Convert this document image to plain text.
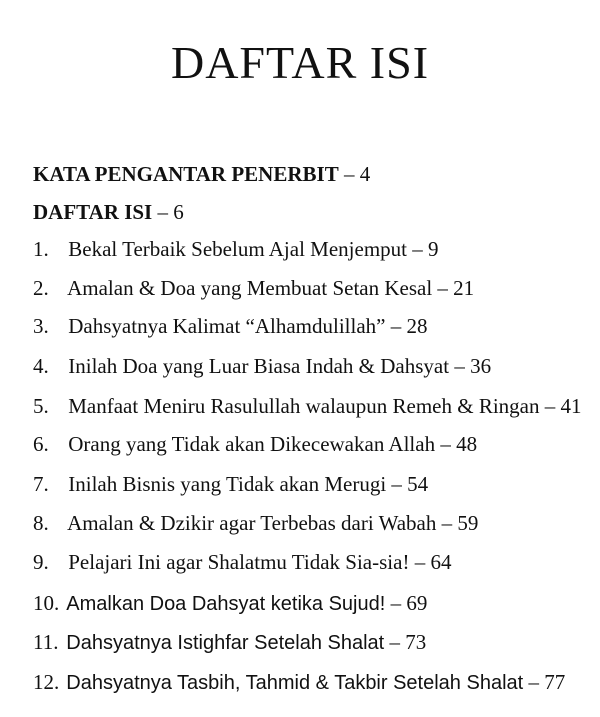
DAFTAR ISI
KATA PENGANTAR PENERBIT – 4
DAFTAR ISI – 6
1. Bekal Terbaik Sebelum Ajal Menjemput – 9
2. Amalan & Doa yang Membuat Setan Kesal – 21
3. Dahsyatnya Kalimat “Alhamdulillah” – 28
4. Inilah Doa yang Luar Biasa Indah & Dahsyat – 36
5. Manfaat Meniru Rasulullah walaupun Remeh & Ringan – 41
6. Orang yang Tidak akan Dikecewakan Allah – 48
7. Inilah Bisnis yang Tidak akan Merugi – 54
8. Amalan & Dzikir agar Terbebas dari Wabah – 59
9. Pelajari Ini agar Shalatmu Tidak Sia-sia! – 64
10. Amalkan Doa Dahsyat ketika Sujud! – 69
11. Dahsyatnya Istighfar Setelah Shalat – 73
12. Dahsyatnya Tasbih, Tahmid & Takbir Setelah Shalat – 77
